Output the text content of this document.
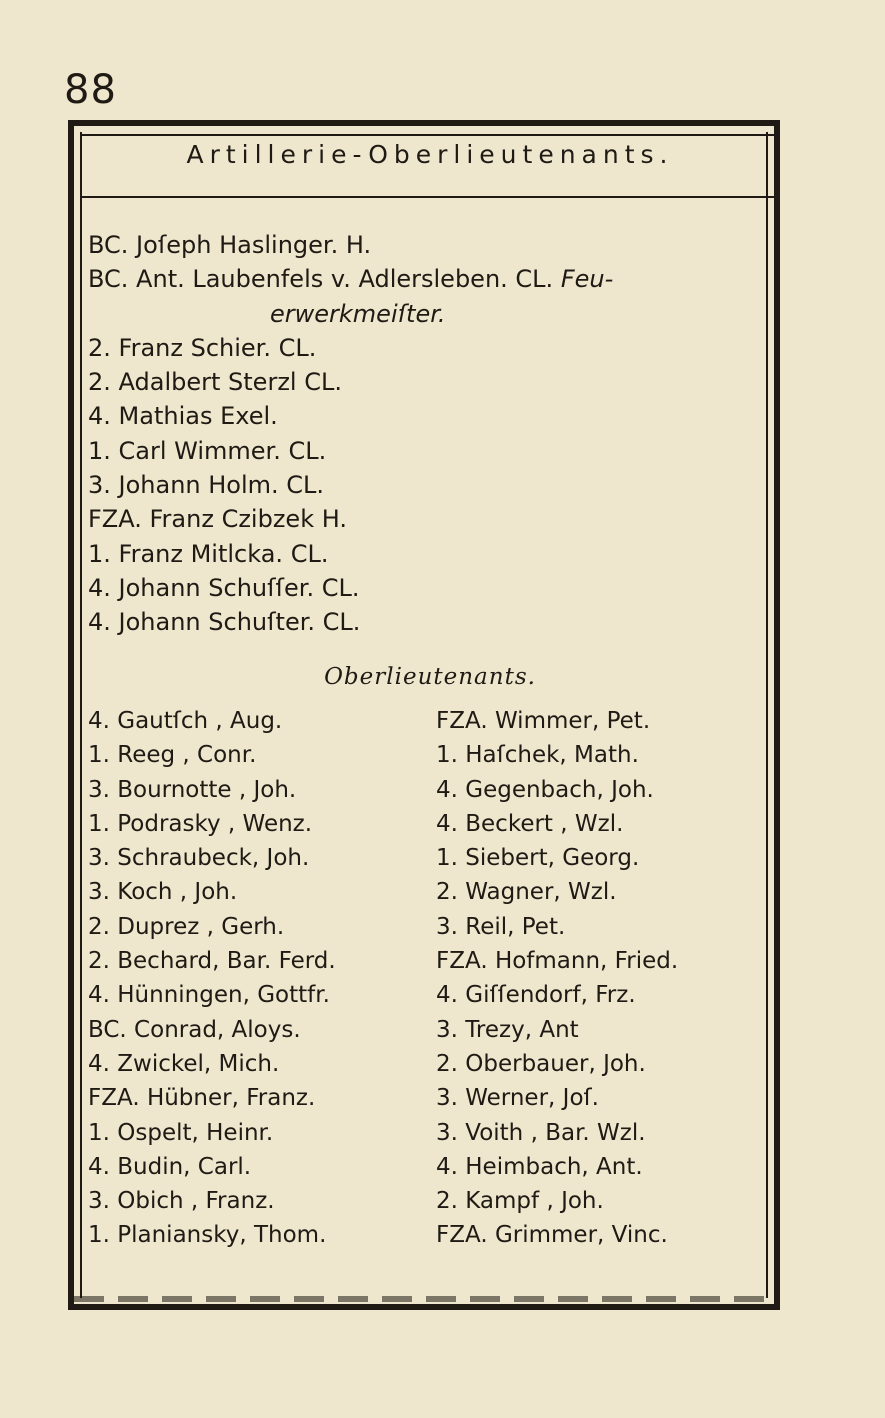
88
Artillerie-Oberlieutenants.
BC. Joſeph Haslinger. H.
BC. Ant. Laubenfels v. Adlersleben. CL. Feu-
erwerkmeiſter.
2. Franz Schier. CL.
2. Adalbert Sterzl CL.
4. Mathias Exel.
1. Carl Wimmer. CL.
3. Johann Holm. CL.
FZA. Franz Czibzek H.
1. Franz Mitlcka. CL.
4. Johann Schuſſer. CL.
4. Johann Schuſter. CL.
Oberlieutenants.
4. Gautſch , Aug.	FZA. Wimmer, Pet.
1. Reeg , Conr.	1. Haſchek, Math.
3. Bournotte , Joh.	4. Gegenbach, Joh.
1. Podrasky , Wenz.	4. Beckert , Wzl.
3. Schraubeck, Joh.	1. Siebert, Georg.
3. Koch , Joh.	2. Wagner, Wzl.
2. Duprez , Gerh.	3. Reil, Pet.
2. Bechard, Bar. Ferd.	FZA. Hofmann, Fried.
4. Hünningen, Gottfr.	4. Giſſendorf, Frz.
BC. Conrad, Aloys.	3. Trezy, Ant
4. Zwickel, Mich.	2. Oberbauer, Joh.
FZA. Hübner, Franz.	3. Werner, Joſ.
1. Ospelt, Heinr.	3. Voith , Bar. Wzl.
4. Budin, Carl.	4. Heimbach, Ant.
3. Obich , Franz.	2. Kampf , Joh.
1. Planiansky, Thom.	FZA. Grimmer, Vinc.
